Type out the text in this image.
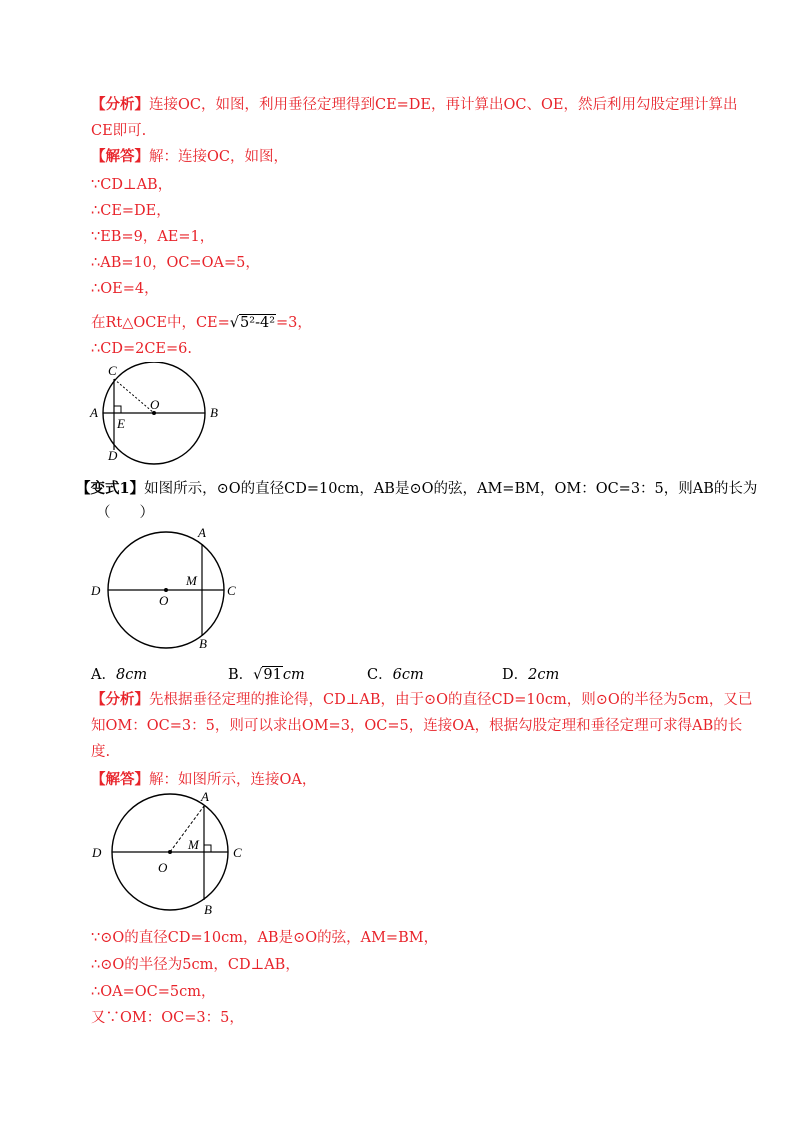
【分析】连接OC，如图，利用垂径定理得到CE=DE，再计算出OC、OE，然后利用勾股定理计算出
CE即可.
【解答】解：连接OC，如图，
∵CD⊥AB，
∴CE=DE，
∵EB=9，AE=1，
∴AB=10，OC=OA=5，
∴OE=4，
在Rt△OCE中，CE=√5²-4²=3，
∴CD=2CE=6.
C
O
A	B
E
D
【变式1】如图所示，⊙O的直径CD=10cm，AB是⊙O的弦，AM=BM，OM：OC=3：5，则AB的长为
（　　）
A
M
D
O
C
B
A．8cm	B．√91cm	C．6cm	D．2cm
【分析】先根据垂径定理的推论得，CD⊥AB，由于⊙O的直径CD=10cm，则⊙O的半径为5cm，又已
知OM：OC=3：5，则可以求出OM=3，OC=5，连接OA，根据勾股定理和垂径定理可求得AB的长
度.
【解答】解：如图所示，连接OA，
A
M
D
O
C
B
∵⊙O的直径CD=10cm，AB是⊙O的弦，AM=BM，
∴⊙O的半径为5cm，CD⊥AB，
∴OA=OC=5cm，
又∵OM：OC=3：5，
